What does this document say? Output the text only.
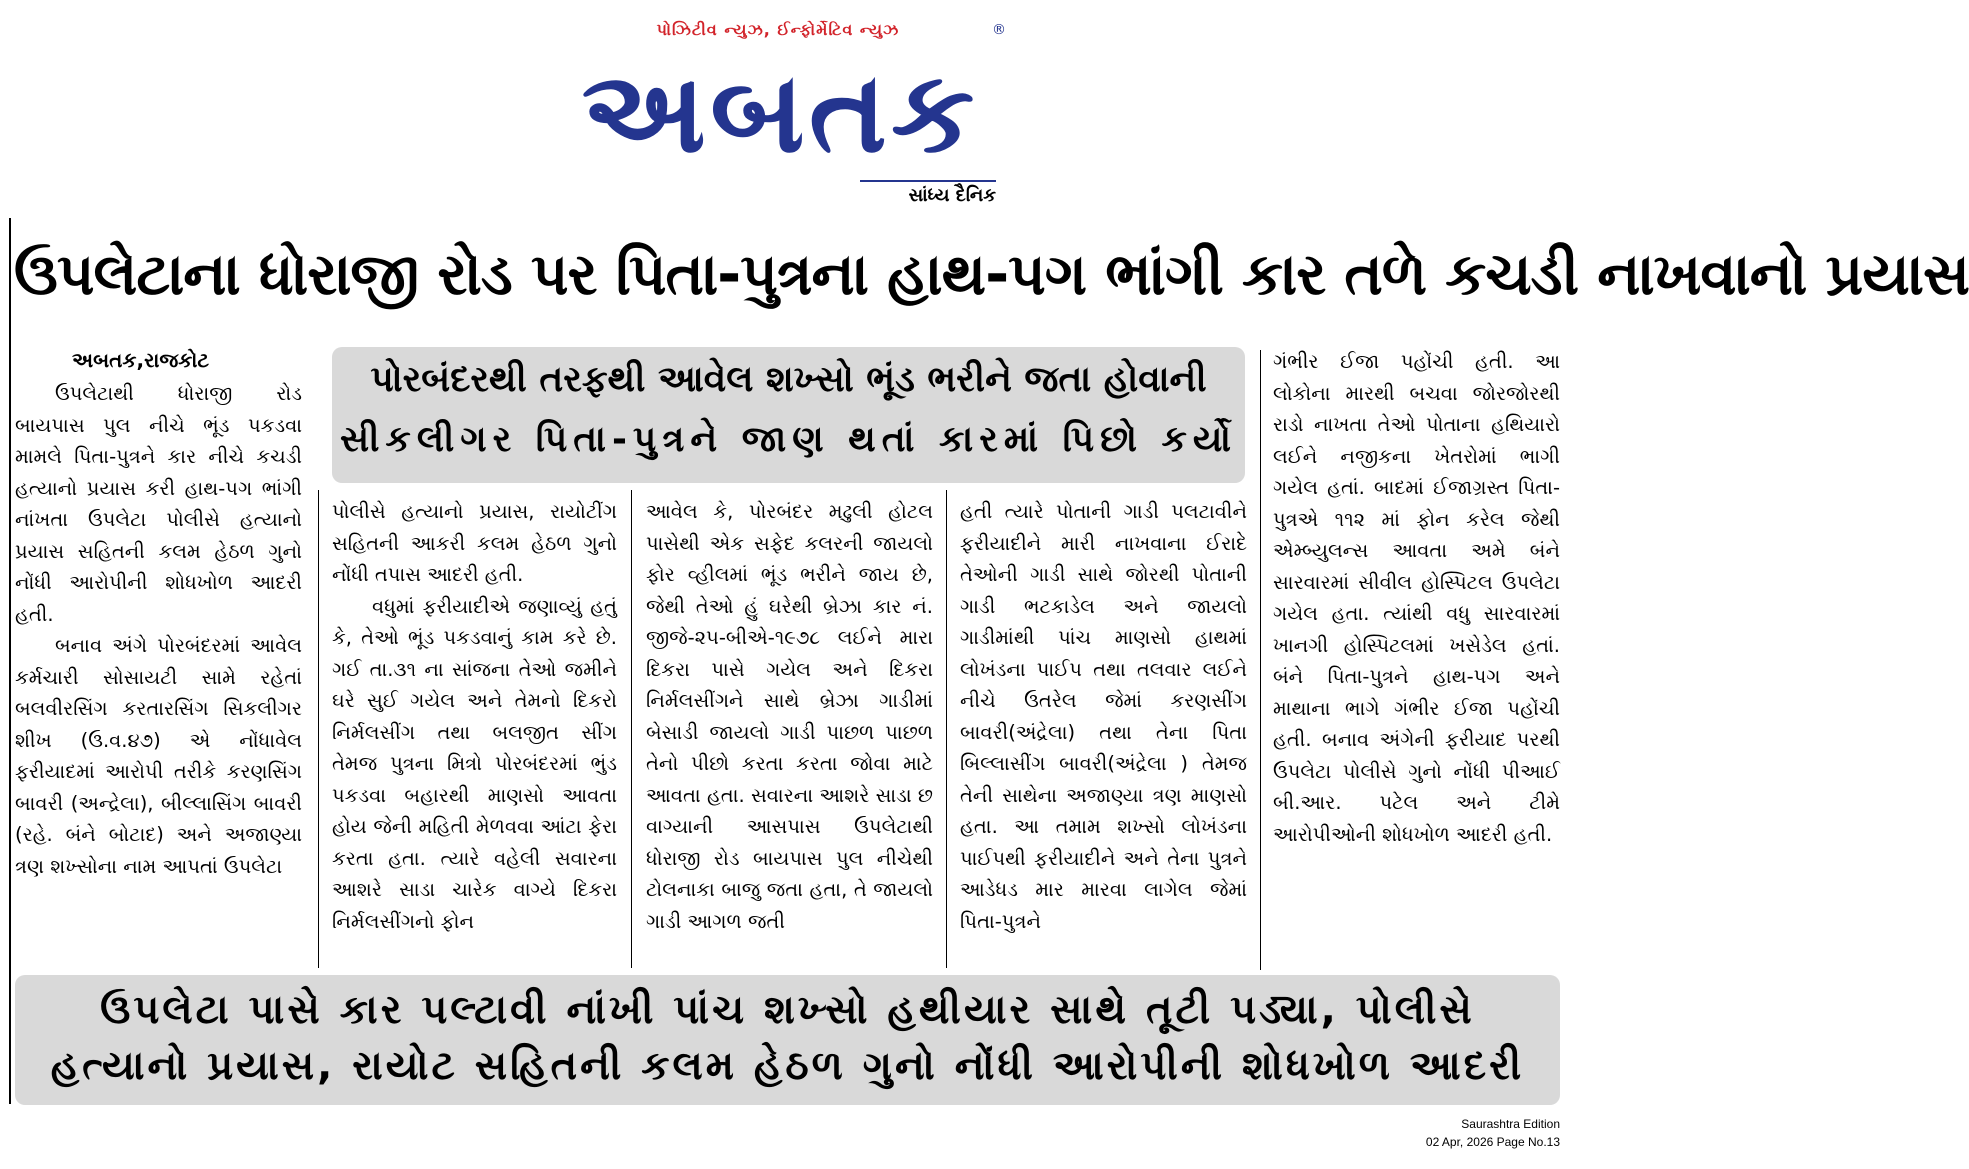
પોઝિટીવ ન્યુઝ, ઈન્ફોર્મેટિવ ન્યુઝ	®
અબતક
સાંધ્ય દૈનિક
ઉપલેટાના ધોરાજી રોડ પર પિતા-પુત્રના હાથ-પગ ભાંગી કાર તળે કચડી નાખવાનો પ્રયાસ
અબતક,રાજકોટ	પોરબંદરથી તરફથી આવેલ શખ્સો ભૂંડ ભરીને જતા હોવાની
સીકલીગર પિતા-પુત્રને જાણ થતાં કારમાં પિછો કર્યો

ઉપલેટાથી ધોરાજી રોડ બાયપાસ પુલ નીચે ભૂંડ પકડવા મામલે પિતા-પુત્રને કાર નીચે કચડી હત્યાનો પ્રયાસ કરી હાથ-પગ ભાંગી નાંખતા ઉપલેટા પોલીસે હત્યાનો પ્રયાસ સહિતની કલમ હેઠળ ગુનો નોંધી આરોપીની શોધખોળ આદરી હતી.

બનાવ અંગે પોરબંદરમાં આવેલ કર્મચારી સોસાયટી સામે રહેતાં બલવીરસિંગ કરતારસિંગ સિકલીગર શીખ (ઉ.વ.૪૭) એ નોંધાવેલ ફરીયાદમાં આરોપી તરીકે કરણસિંગ બાવરી (અન્દ્રેલા), બીલ્લાસિંગ બાવરી (રહે. બંને બોટાદ) અને અજાણ્યા ત્રણ શખ્સોના નામ આપતાં ઉપલેટા

પોલીસે હત્યાનો પ્રયાસ, રાયોટીંગ સહિતની આકરી કલમ હેઠળ ગુનો નોંધી તપાસ આદરી હતી.

વધુમાં ફરીયાદીએ જણાવ્યું હતું કે, તેઓ ભૂંડ પકડવાનું કામ કરે છે. ગઈ તા.૩૧ ના સાંજના તેઓ જમીને ઘરે સુઈ ગયેલ અને તેમનો દિકરો નિર્મલસીંગ તથા બલજીત સીંગ તેમજ પુત્રના મિત્રો પોરબંદરમાં ભુંડ પકડવા બહારથી માણસો આવતા હોય જેની મહિતી મેળવવા આંટા ફેરા કરતા હતા. ત્યારે વહેલી સવારના આશરે સાડા ચારેક વાગ્યે દિકરા નિર્મલસીંગનો ફોન

આવેલ કે, પોરબંદર મઢુલી હોટલ પાસેથી એક સફેદ કલરની જાયલો ફોર વ્હીલમાં ભૂંડ ભરીને જાય છે, જેથી તેઓ હું ઘરેથી બ્રેઝા કાર નં. જીજે-૨૫-બીએ-૧૯૭૮ લઈને મારા દિકરા પાસે ગયેલ અને દિકરા નિર્મલસીંગને સાથે બ્રેઝા ગાડીમાં બેસાડી જાયલો ગાડી પાછળ પાછળ તેનો પીછો કરતા કરતા જોવા માટે આવતા હતા. સવારના આશરે સાડા છ વાગ્યાની આસપાસ ઉપલેટાથી ધોરાજી રોડ બાયપાસ પુલ નીચેથી ટોલનાકા બાજુ જતા હતા, તે જાયલો ગાડી આગળ જતી

હતી ત્યારે પોતાની ગાડી પલટાવીને ફરીયાદીને મારી નાખવાના ઈરાદે તેઓની ગાડી સાથે જોરથી પોતાની ગાડી ભટકાડેલ અને જાયલો ગાડીમાંથી પાંચ માણસો હાથમાં લોખંડના પાઈપ તથા તલવાર લઈને નીચે ઉતરેલ જેમાં કરણસીંગ બાવરી(અંદ્રેલા) તથા તેના પિતા બિલ્લાસીંગ બાવરી(અંદ્રેલા ) તેમજ તેની સાથેના અજાણ્યા ત્રણ માણસો હતા. આ તમામ શખ્સો લોખંડના પાઈપથી ફરીયાદીને અને તેના પુત્રને આડેધડ માર મારવા લાગેલ જેમાં પિતા-પુત્રને

ગંભીર ઈજા પહોંચી હતી. આ લોકોના મારથી બચવા જોરજોરથી રાડો નાખતા તેઓ પોતાના હથિયારો લઈને નજીકના ખેતરોમાં ભાગી ગયેલ હતાં. બાદમાં ઈજાગ્રસ્ત પિતા-પુત્રએ ૧૧૨ માં ફોન કરેલ જેથી એમ્બ્યુલન્સ આવતા અમે બંને સારવારમાં સીવીલ હોસ્પિટલ ઉપલેટા ગયેલ હતા. ત્યાંથી વધુ સારવારમાં ખાનગી હોસ્પિટલમાં ખસેડેલ હતાં. બંને પિતા-પુત્રને હાથ-પગ અને માથાના ભાગે ગંભીર ઈજા પહોંચી હતી. બનાવ અંગેની ફરીયાદ પરથી ઉપલેટા પોલીસે ગુનો નોંધી પીઆઈ બી.આર. પટેલ અને ટીમે આરોપીઓની શોધખોળ આદરી હતી.

ઉપલેટા પાસે કાર પલ્ટાવી નાંખી પાંચ શખ્સો હથીયાર સાથે તૂટી પડ્યા, પોલીસે
હત્યાનો પ્રયાસ, રાયોટ સહિતની કલમ હેઠળ ગુનો નોંધી આરોપીની શોધખોળ આદરી
Saurashtra Edition
02 Apr, 2026 Page No.13
